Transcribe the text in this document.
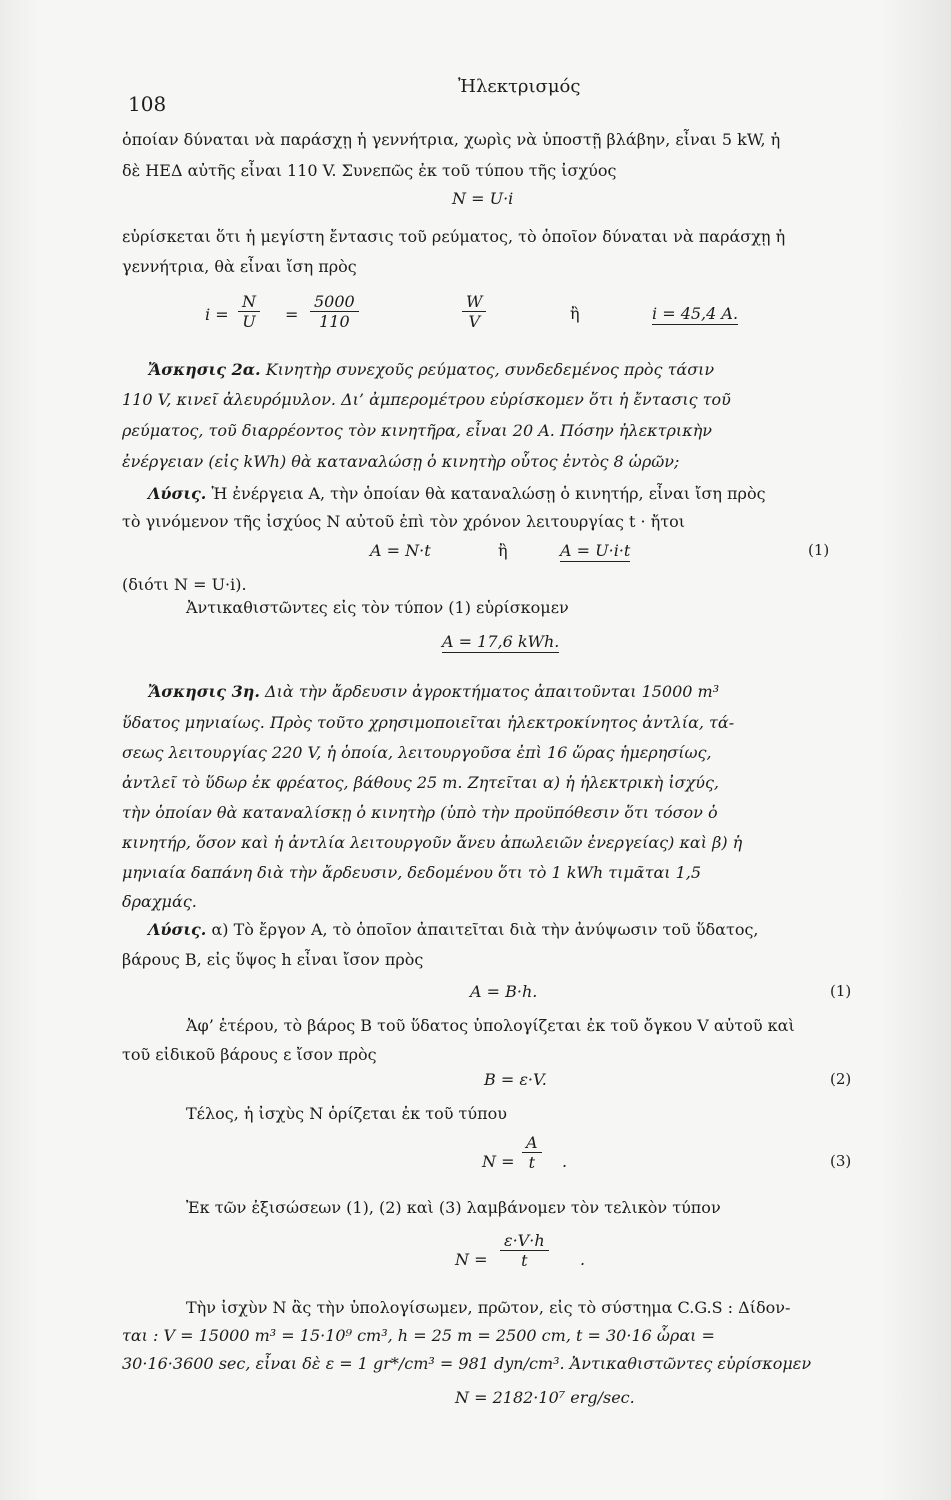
108
Ἠλεκτρισμός
ὁποίαν δύναται νὰ παράσχῃ ἡ γεννήτρια, χωρὶς νὰ ὑποστῇ βλάβην, εἶναι 5 kW, ἡ
δὲ ΗΕΔ αὐτῆς εἶναι 110 V. Συνεπῶς ἐκ τοῦ τύπου τῆς ἰσχύος
N = U·i
εὑρίσκεται ὅτι ἡ μεγίστη ἔντασις τοῦ ρεύματος, τὸ ὁποῖον δύναται νὰ παράσχῃ ἡ
γεννήτρια, θὰ εἶναι ἴση πρὸς
$i = \frac{N}{U} = \frac{5000}{110}$	$\frac{W}{V}$	ἢ	i = 45,4 A.
Ἄσκησις 2α. Κινητὴρ συνεχοῦς ρεύματος, συνδεδεμένος πρὸς τάσιν
110 V, κινεῖ ἀλευρόμυλον. Δι’ ἀμπερομέτρου εὑρίσκομεν ὅτι ἡ ἔντασις τοῦ
ρεύματος, τοῦ διαρρέοντος τὸν κινητῆρα, εἶναι 20 A. Πόσην ἠλεκτρικὴν
ἐνέργειαν (εἰς kWh) θὰ καταναλώσῃ ὁ κινητὴρ οὗτος ἐντὸς 8 ὡρῶν;
Λύσις. Ἡ ἐνέργεια A, τὴν ὁποίαν θὰ καταναλώσῃ ὁ κινητήρ, εἶναι ἴση πρὸς
τὸ γινόμενον τῆς ἰσχύος N αὐτοῦ ἐπὶ τὸν χρόνον λειτουργίας t · ἤτοι
A = N·t	ἢ	A = U·i·t	(1)
(διότι N = U·i).
Ἀντικαθιστῶντες εἰς τὸν τύπον (1) εὑρίσκομεν
A = 17,6 kWh.
Ἄσκησις 3η. Διὰ τὴν ἄρδευσιν ἀγροκτήματος ἀπαιτοῦνται 15000 m³
ὕδατος μηνιαίως. Πρὸς τοῦτο χρησιμοποιεῖται ἠλεκτροκίνητος ἀντλία, τά-
σεως λειτουργίας 220 V, ἡ ὁποία, λειτουργοῦσα ἐπὶ 16 ὥρας ἡμερησίως,
ἀντλεῖ τὸ ὕδωρ ἐκ φρέατος, βάθους 25 m. Ζητεῖται α) ἡ ἠλεκτρικὴ ἰσχύς,
τὴν ὁποίαν θὰ καταναλίσκῃ ὁ κινητὴρ (ὑπὸ τὴν προϋπόθεσιν ὅτι τόσον ὁ
κινητήρ, ὅσον καὶ ἡ ἀντλία λειτουργοῦν ἄνευ ἀπωλειῶν ἐνεργείας) καὶ β) ἡ
μηνιαία δαπάνη διὰ τὴν ἄρδευσιν, δεδομένου ὅτι τὸ 1 kWh τιμᾶται 1,5
δραχμάς.
Λύσις. α) Τὸ ἔργον A, τὸ ὁποῖον ἀπαιτεῖται διὰ τὴν ἀνύψωσιν τοῦ ὕδατος,
βάρους B, εἰς ὕψος h εἶναι ἴσον πρὸς
A = B·h.	(1)
Ἀφ’ ἑτέρου, τὸ βάρος B τοῦ ὕδατος ὑπολογίζεται ἐκ τοῦ ὄγκου V αὐτοῦ καὶ
τοῦ εἰδικοῦ βάρους ε ἴσον πρὸς
B = ε·V.	(2)
Τέλος, ἡ ἰσχὺς N ὁρίζεται ἐκ τοῦ τύπου
$N = \frac{A}{t}$ .	(3)
Ἐκ τῶν ἐξισώσεων (1), (2) καὶ (3) λαμβάνομεν τὸν τελικὸν τύπον
$N = \frac{\varepsilon\cdot V\cdot h}{t}$ .
Τὴν ἰσχὺν N ἂς τὴν ὑπολογίσωμεν, πρῶτον, εἰς τὸ σύστημα C.G.S : Δίδον-
ται : V = 15000 m³ = 15·10⁹ cm³, h = 25 m = 2500 cm, t = 30·16 ὧραι =
30·16·3600 sec, εἶναι δὲ ε = 1 gr*/cm³ = 981 dyn/cm³. Ἀντικαθιστῶντες εὑρίσκομεν
N = 2182·10⁷ erg/sec.
